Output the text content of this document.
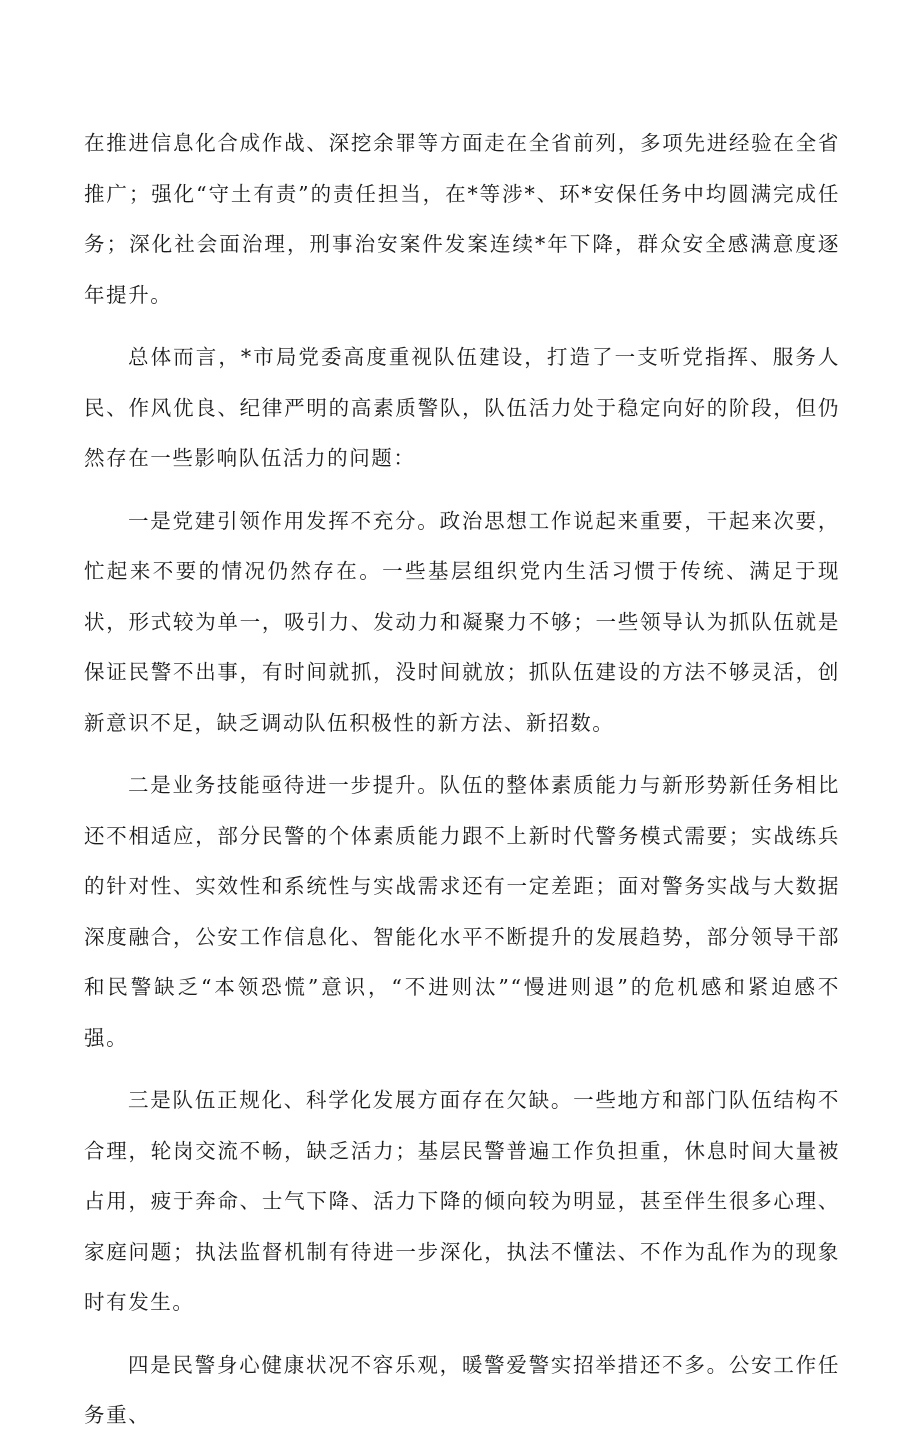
在推进信息化合成作战、深挖余罪等方面走在全省前列，多项先进经验在全省推广；强化“守土有责”的责任担当，在*等涉*、环*安保任务中均圆满完成任务；深化社会面治理，刑事治安案件发案连续*年下降，群众安全感满意度逐年提升。

总体而言，*市局党委高度重视队伍建设，打造了一支听党指挥、服务人民、作风优良、纪律严明的高素质警队，队伍活力处于稳定向好的阶段，但仍然存在一些影响队伍活力的问题：

一是党建引领作用发挥不充分。政治思想工作说起来重要，干起来次要，忙起来不要的情况仍然存在。一些基层组织党内生活习惯于传统、满足于现状，形式较为单一，吸引力、发动力和凝聚力不够；一些领导认为抓队伍就是保证民警不出事，有时间就抓，没时间就放；抓队伍建设的方法不够灵活，创新意识不足，缺乏调动队伍积极性的新方法、新招数。

二是业务技能亟待进一步提升。队伍的整体素质能力与新形势新任务相比还不相适应，部分民警的个体素质能力跟不上新时代警务模式需要；实战练兵的针对性、实效性和系统性与实战需求还有一定差距；面对警务实战与大数据深度融合，公安工作信息化、智能化水平不断提升的发展趋势，部分领导干部和民警缺乏“本领恐慌”意识，“不进则汰”“慢进则退”的危机感和紧迫感不强。

三是队伍正规化、科学化发展方面存在欠缺。一些地方和部门队伍结构不合理，轮岗交流不畅，缺乏活力；基层民警普遍工作负担重，休息时间大量被占用，疲于奔命、士气下降、活力下降的倾向较为明显，甚至伴生很多心理、家庭问题；执法监督机制有待进一步深化，执法不懂法、不作为乱作为的现象时有发生。

四是民警身心健康状况不容乐观，暖警爱警实招举措还不多。公安工作任务重、
